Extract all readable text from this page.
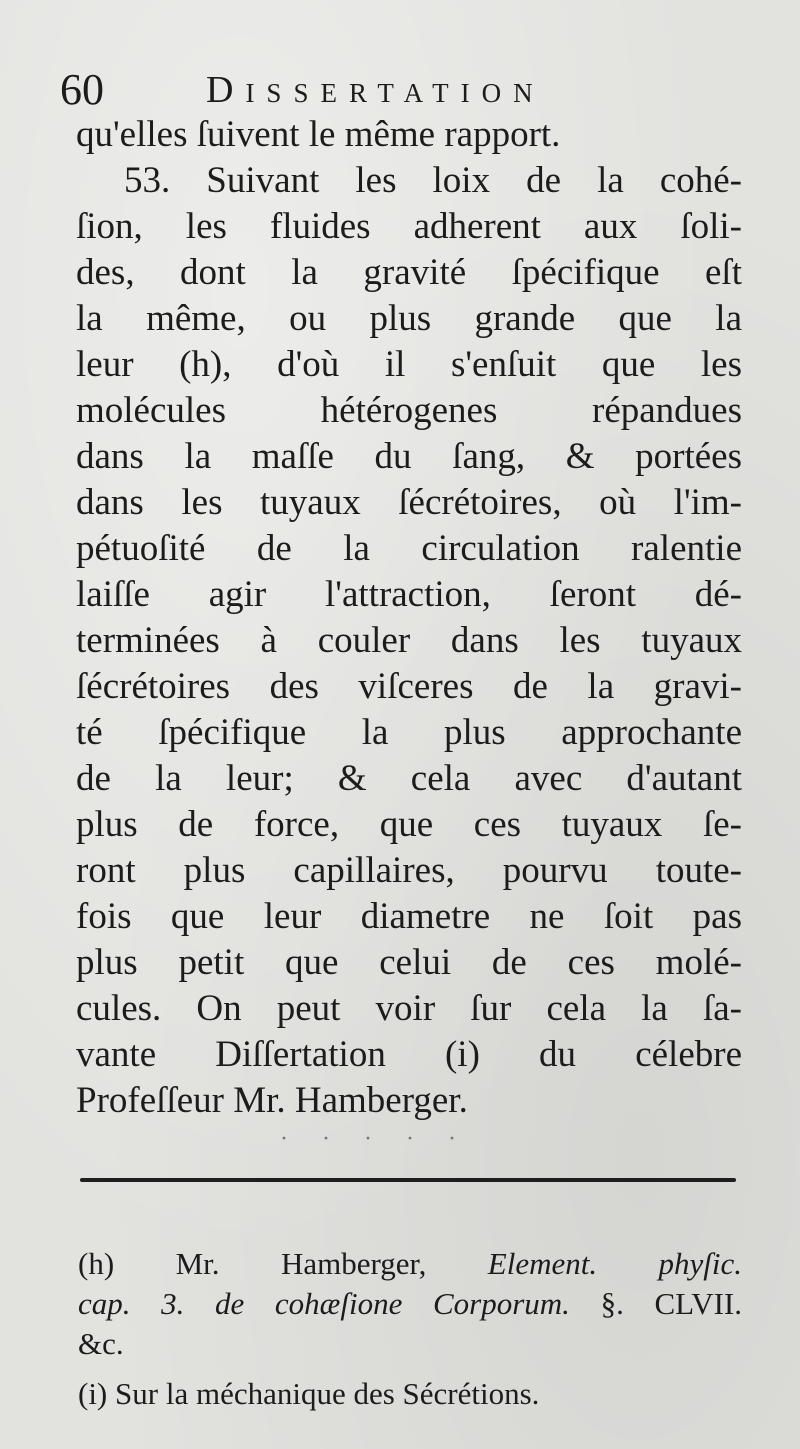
60	Dissertation
qu'elles ſuivent le même rapport.
53. Suivant les loix de la cohé-
ſion, les fluides adherent aux ſoli-
des, dont la gravité ſpécifique eſt
la même, ou plus grande que la
leur (h), d'où il s'enſuit que les
molécules hétérogenes répandues
dans la maſſe du ſang, & portées
dans les tuyaux ſécrétoires, où l'im-
pétuoſité de la circulation ralentie
laiſſe agir l'attraction, ſeront dé-
terminées à couler dans les tuyaux
ſécrétoires des viſceres de la gravi-
té ſpécifique la plus approchante
de la leur; & cela avec d'autant
plus de force, que ces tuyaux ſe-
ront plus capillaires, pourvu toute-
fois que leur diametre ne ſoit pas
plus petit que celui de ces molé-
cules. On peut voir ſur cela la ſa-
vante Diſſertation (i) du célebre
Profeſſeur Mr. Hamberger.
·····
(h) Mr. Hamberger, Element. phyſic.
cap. 3. de cohæſione Corporum. §. CLVII.
&c.
(i) Sur la méchanique des Sécrétions.
